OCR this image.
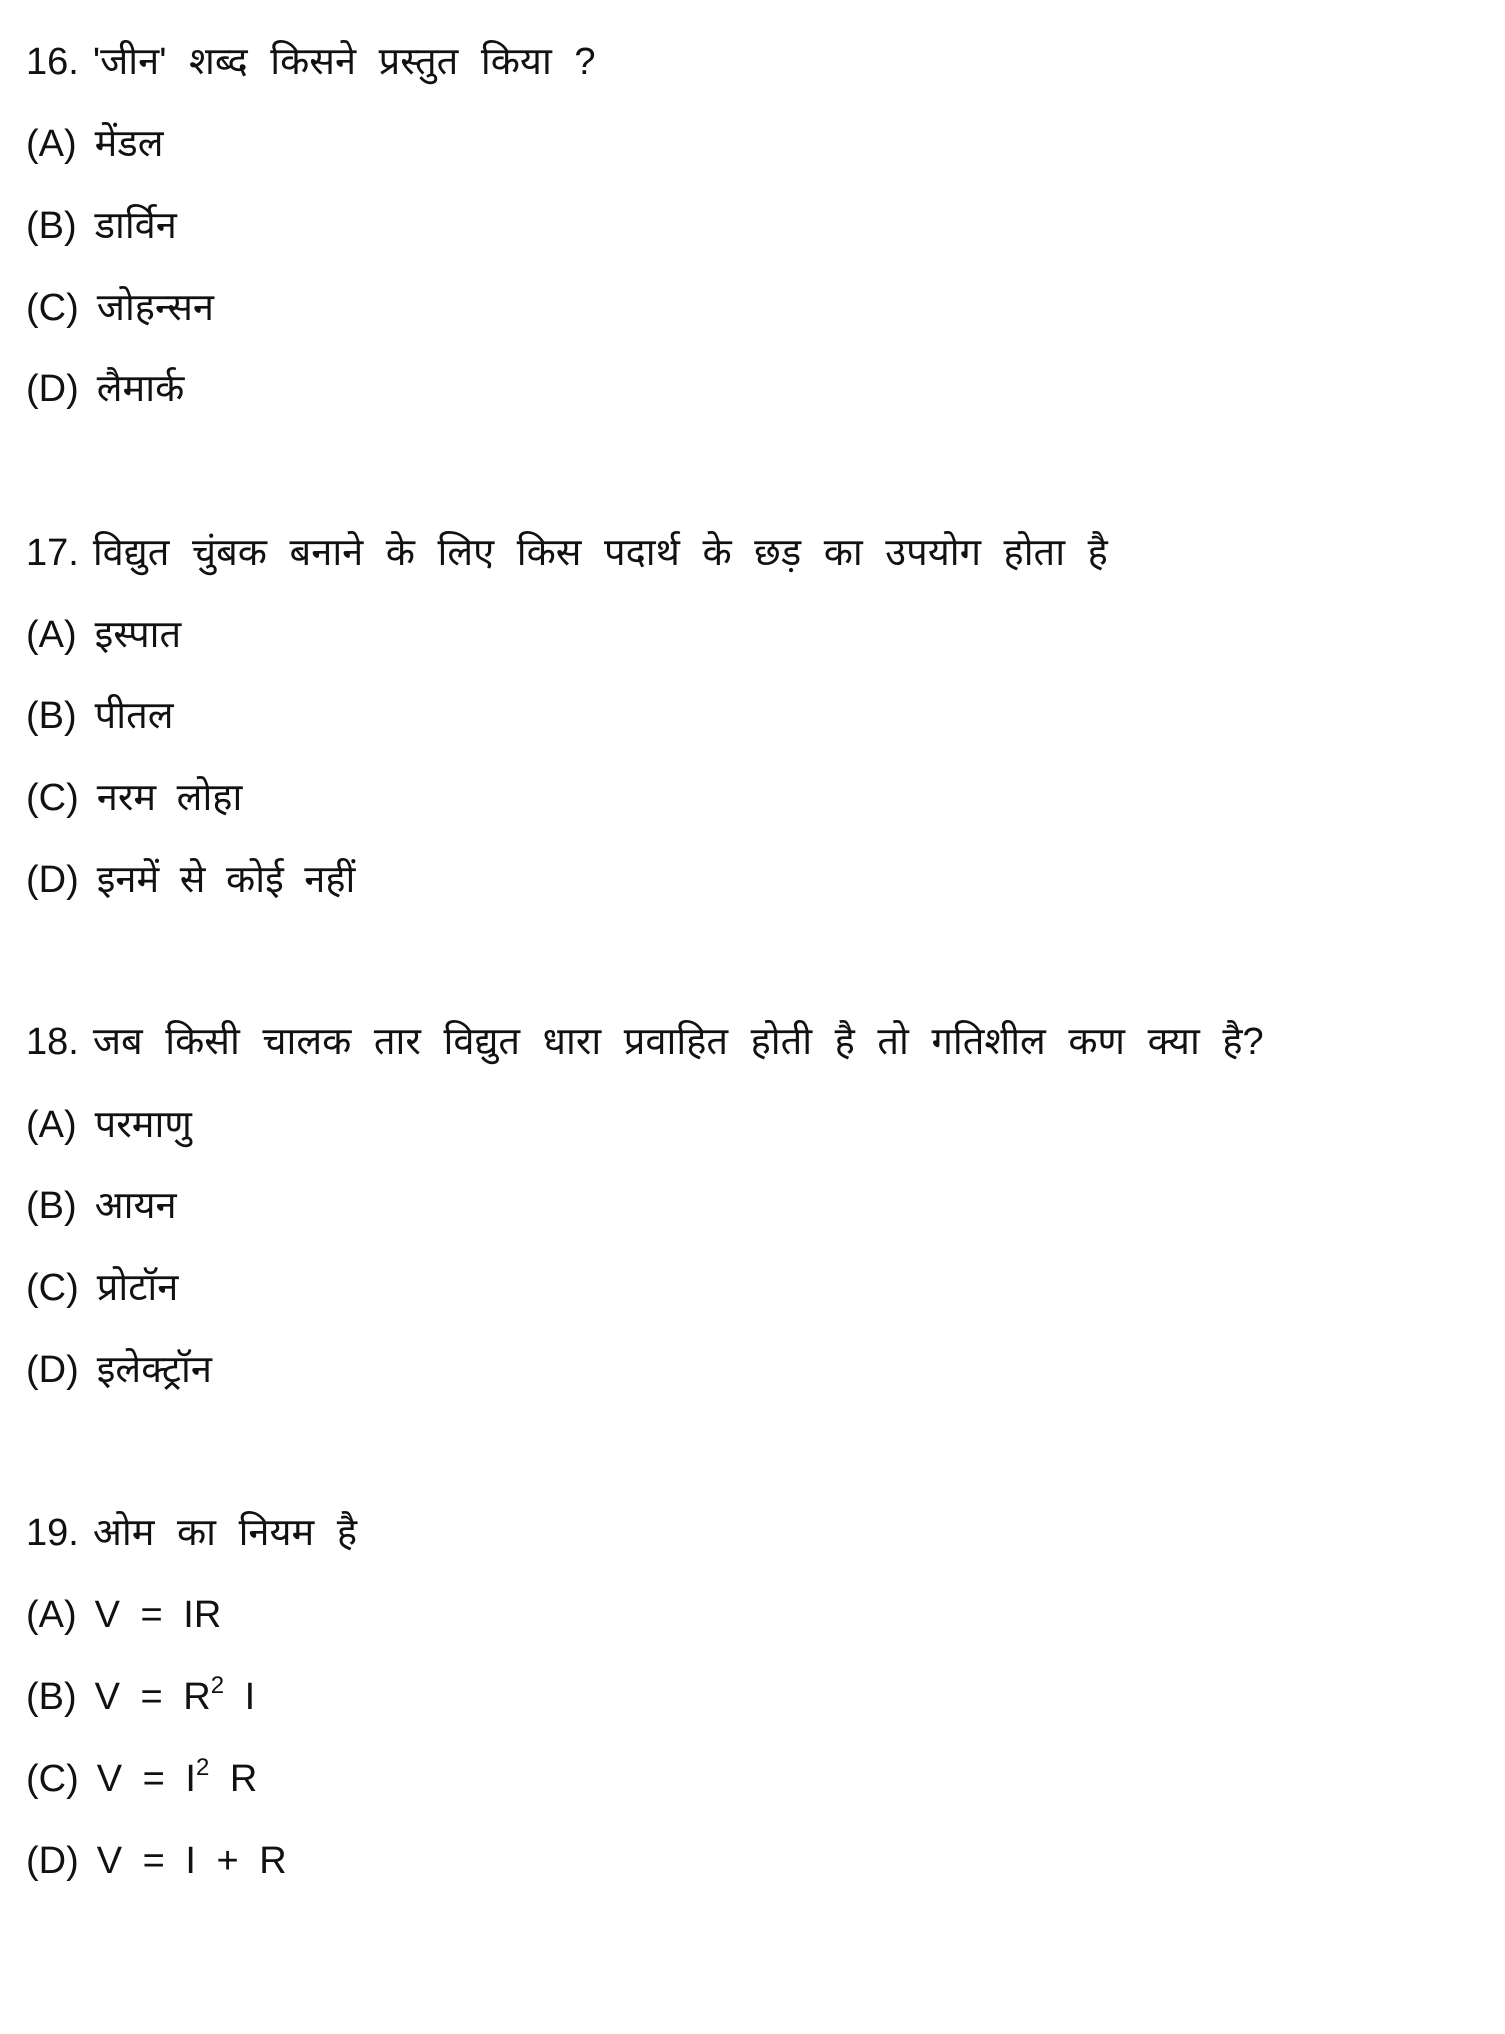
16. 'जीन' शब्द किसने प्रस्तुत किया ?
(A) मेंडल
(B) डार्विन
(C) जोहन्सन
(D) लैमार्क
17. विद्युत चुंबक बनाने के लिए किस पदार्थ के छड़ का उपयोग होता है
(A) इस्पात
(B) पीतल
(C) नरम लोहा
(D) इनमें से कोई नहीं
18. जब किसी चालक तार विद्युत धारा प्रवाहित होती है तो गतिशील कण क्या है?
(A) परमाणु
(B) आयन
(C) प्रोटॉन
(D) इलेक्ट्रॉन
19. ओम का नियम है
(A) V = IR
(B) $V = R^2$ I
(C) $V = I^2$ R
(D) V = I + R
